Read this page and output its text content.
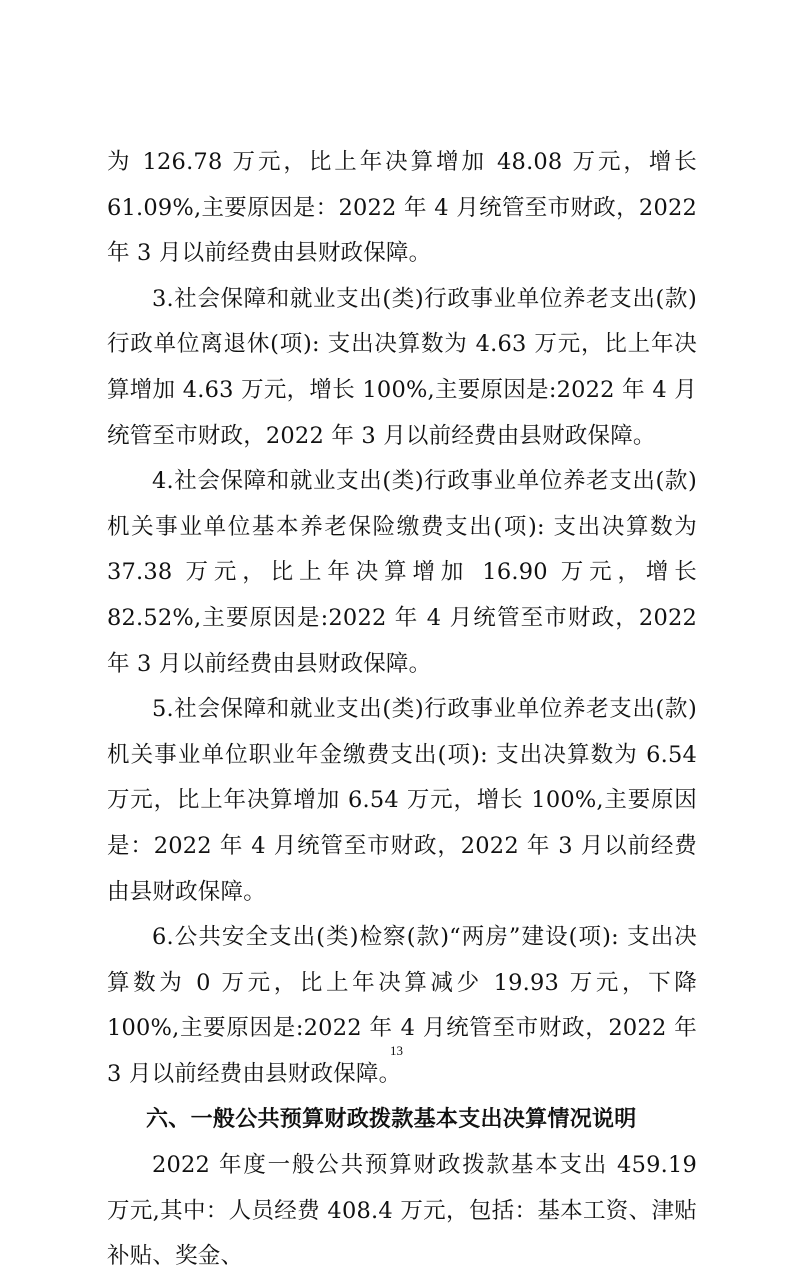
为 126.78 万元，比上年决算增加 48.08 万元，增长 61.09%,主要原因是：2022 年 4 月统管至市财政，2022 年 3 月以前经费由县财政保障。

3.社会保障和就业支出(类)行政事业单位养老支出(款)行政单位离退休(项): 支出决算数为 4.63 万元，比上年决算增加 4.63 万元，增长 100%,主要原因是:2022 年 4 月统管至市财政，2022 年 3 月以前经费由县财政保障。

4.社会保障和就业支出(类)行政事业单位养老支出(款)机关事业单位基本养老保险缴费支出(项): 支出决算数为 37.38 万元，比上年决算增加 16.90 万元，增长 82.52%,主要原因是:2022 年 4 月统管至市财政，2022 年 3 月以前经费由县财政保障。

5.社会保障和就业支出(类)行政事业单位养老支出(款)机关事业单位职业年金缴费支出(项): 支出决算数为 6.54 万元，比上年决算增加 6.54 万元，增长 100%,主要原因是：2022 年 4 月统管至市财政，2022 年 3 月以前经费由县财政保障。

6.公共安全支出(类)检察(款)“两房”建设(项): 支出决算数为 0 万元，比上年决算减少 19.93 万元，下降 100%,主要原因是:2022 年 4 月统管至市财政，2022 年 3 月以前经费由县财政保障。

六、一般公共预算财政拨款基本支出决算情况说明

2022 年度一般公共预算财政拨款基本支出 459.19 万元,其中：人员经费 408.4 万元，包括：基本工资、津贴补贴、奖金、

13
